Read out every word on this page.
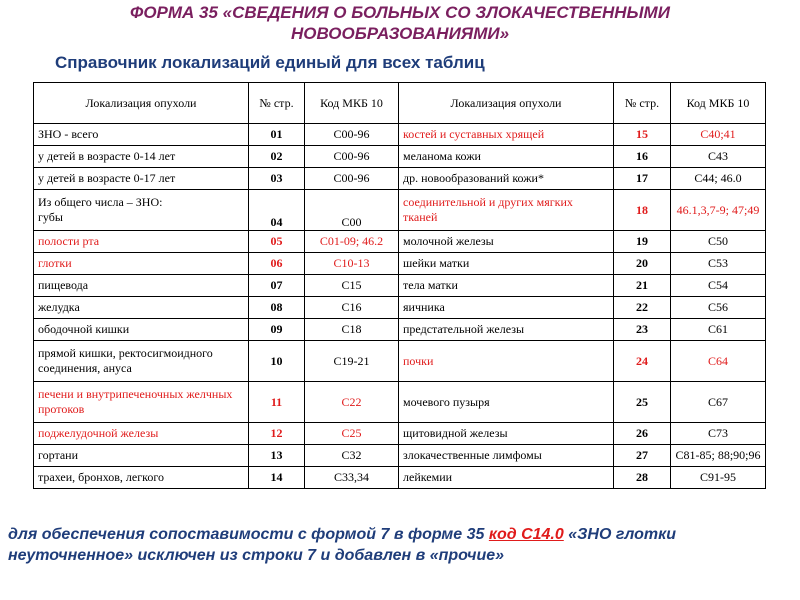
ФОРМА 35 «СВЕДЕНИЯ О БОЛЬНЫХ СО ЗЛОКАЧЕСТВЕННЫМИ
НОВООБРАЗОВАНИЯМИ»
Справочник локализаций единый для всех таблиц
Локализация опухоли	№ стр.	Код МКБ 10	Локализация опухоли	№ стр.	Код МКБ 10
ЗНО - всего	01	С00-96	костей и суставных хрящей	15	С40;41
у детей в возрасте 0-14 лет	02	С00-96	меланома кожи	16	С43
у детей в возрасте 0-17 лет	03	С00-96	др. новообразований кожи*	17	С44; 46.0

Из общего числа – ЗНО:
губы	04	С00	соединительной и других мягких тканей	18	46.1,3,7-9; 47;49
полости рта	05	С01-09; 46.2	молочной железы	19	С50
глотки	06	С10-13	шейки матки	20	С53
пищевода	07	С15	тела матки	21	С54
желудка	08	С16	яичника	22	С56
ободочной кишки	09	С18	предстательной железы	23	С61
прямой кишки, ректосигмоидного соединения, ануса	10	С19-21	почки	24	С64
печени и внутрипеченочных желчных протоков	11	С22	мочевого пузыря	25	С67
поджелудочной железы	12	С25	щитовидной железы	26	С73
гортани	13	С32	злокачественные лимфомы	27	С81-85; 88;90;96
трахеи, бронхов, легкого	14	С33,34	лейкемии	28	С91-95
для обеспечения сопоставимости с формой 7 в форме 35 код С14.0 «ЗНО глотки неуточненное» исключен из строки 7 и добавлен в «прочие»
